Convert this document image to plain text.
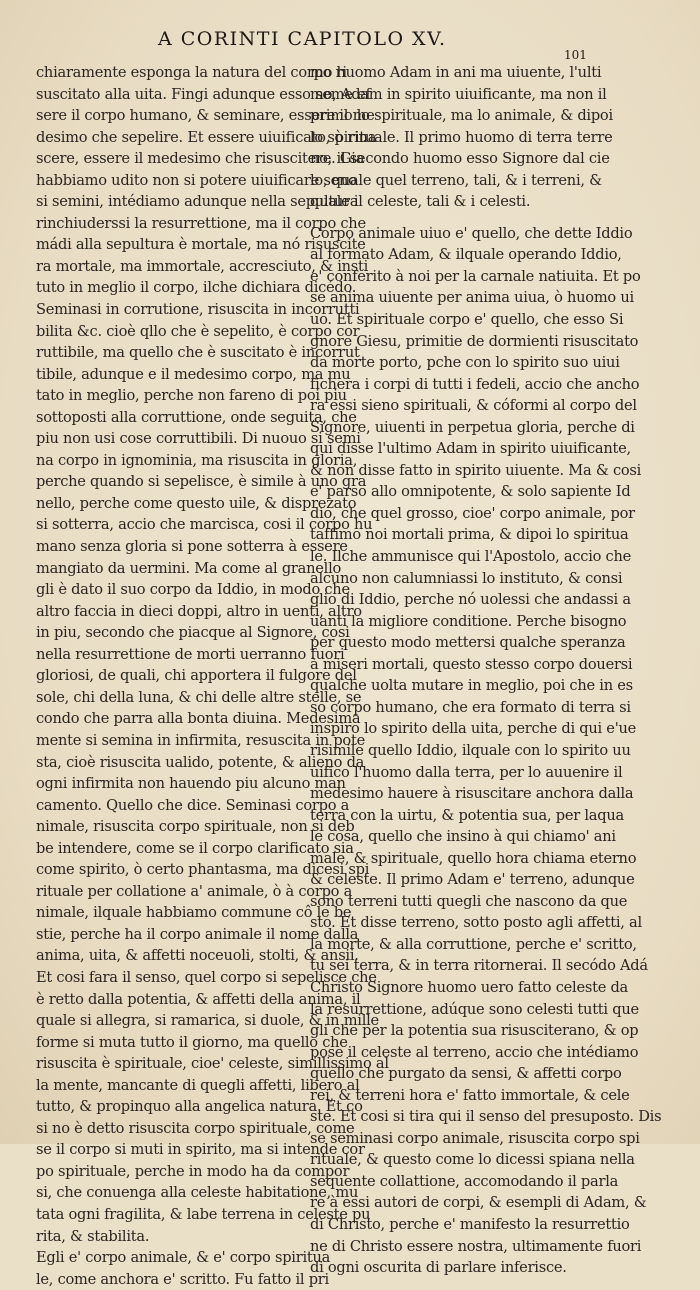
A CORINTI CAPITOLO XV.
101
chiaramente esponga la natura del corpo ri
suscitato alla uita. Fingi adunque esso seme ef
sere il corpo humano, & seminare, essere il me
desimo che sepelire. Et essere uiuificato, ò rina
scere, essere il medesimo che risuscitere. Gia
habbiamo udito non si potere uiuificare seno
si semini, intédiamo adunque nella sepultura
rinchiuderssi la resurrettione, ma il corpo che
mádi alla sepultura è mortale, ma nó risuscite
ra mortale, ma immortale, accresciuto, & insti
tuto in meglio il corpo, ilche dichiara dicédo.
Seminasi in corrutione, risuscita in incorrutti
bilita &c. cioè qllo che è sepelito, è corpo cor
ruttibile, ma quello che è suscitato è incorrut
tibile, adunque e il medesimo corpo, ma mu
tato in meglio, perche non fareno di poi piu
sottoposti alla corruttione, onde seguita, che
piu non usi cose corruttibili. Di nuouo si semi
na corpo in ignominia, ma risuscita in gloria,
perche quando si sepelisce, è simile à uno gra
nello, perche come questo uile, & disprezato
si sotterra, accio che marcisca, cosi il corpo hu
mano senza gloria si pone sotterra à essere
mangiato da uermini. Ma come al granello
gli è dato il suo corpo da Iddio, in modo che
altro faccia in dieci doppi, altro in uenti, altro
in piu, secondo che piacque al Signore, cosi
nella resurrettione de morti uerranno fuori
gloriosi, de quali, chi apportera il fulgore del
sole, chi della luna, & chi delle altre stelle, se
condo che parra alla bonta diuina. Medesima
mente si semina in infirmita, resuscita in pote
sta, cioè risuscita ualido, potente, & alieno da
ogni infirmita non hauendo piu alcuno man
camento. Quello che dice. Seminasi corpo a
nimale, risuscita corpo spirituale, non si deb
be intendere, come se il corpo clarificato sia
come spirito, ò certo phantasma, ma dicesi spi
rituale per collatione a' animale, ò à corpo a
nimale, ilquale habbiamo commune cô le be
stie, perche ha il corpo animale il nome dalla
anima, uita, & affetti noceuoli, stolti, & ansii.
Et cosi fara il senso, quel corpo si sepelisce che
è retto dalla potentia, & affetti della anima, il
quale si allegra, si ramarica, si duole, & in mille
forme si muta tutto il giorno, ma quello che
risuscita è spirituale, cioe' celeste, simillissimo al
la mente, mancante di quegli affetti, libero al
tutto, & propinquo alla angelica natura. Et co
si no è detto risuscita corpo spirituale, come
se il corpo si muti in spirito, ma si intende cor
po spirituale, perche in modo ha da compor
si, che conuenga alla celeste habitatione, mu
tata ogni fragilita, & labe terrena in celeste pu
rita, & stabilita.
Egli e' corpo animale, & e' corpo spiritua
le, come anchora e' scritto. Fu fatto il pri
mo huomo Adam in ani ma uiuente, l'ulti
mo, Adam in spirito uiuificante, ma non il
primo lo spirituale, ma lo animale, & dipoi
lo spirituale. Il primo huomo di terra terre
no, il secondo huomo esso Signore dal cie
lo, quale quel terreno, tali, & i terreni, &
quale il celeste, tali & i celesti.
Corpo animale uiuo e' quello, che dette Iddio
al formato Adam, & ilquale operando Iddio,
e' conferito à noi per la carnale natiuita. Et po
se anima uiuente per anima uiua, ò huomo ui
uo. Et spirituale corpo e' quello, che esso Si
gnore Giesu, primitie de dormienti risuscitato
da morte porto, pche con lo spirito suo uiui
fichera i corpi di tutti i fedeli, accio che ancho
ra essi sieno spirituali, & cóformi al corpo del
Signore, uiuenti in perpetua gloria, perche di
qui disse l'ultimo Adam in spirito uiuificante,
& non disse fatto in spirito uiuente. Ma & cosi
e' parso allo omnipotente, & solo sapiente Id
dio, che quel grosso, cioe' corpo animale, por
taffimo noi mortali prima, & dipoi lo spiritua
le. Ilche ammunisce qui l'Apostolo, accio che
alcuno non calumniassi lo instituto, & consi
glio di Iddio, perche nó uolessi che andassi a
uanti la migliore conditione. Perche bisogno
per questo modo mettersi qualche speranza
à miseri mortali, questo stesso corpo douersi
qualche uolta mutare in meglio, poi che in es
so corpo humano, che era formato di terra si
inspiro lo spirito della uita, perche di qui e'ue
risimile quello Iddio, ilquale con lo spirito uu
uifico l'huomo dalla terra, per lo auuenire il
medesimo hauere à risuscitare anchora dalla
terra con la uirtu, & potentia sua, per laqua
le cosa, quello che insino à qui chiamo' ani
male, & spirituale, quello hora chiama eterno
& celeste. Il primo Adam e' terreno, adunque
sono terreni tutti quegli che nascono da que
sto. Et disse terreno, sotto posto agli affetti, al
la morte, & alla corruttione, perche e' scritto,
tu sei terra, & in terra ritornerai. Il secódo Adá
Christo Signore huomo uero fatto celeste da
la resurrettione, adúque sono celesti tutti que
gli che per la potentia sua risusciterano, & op
pose il celeste al terreno, accio che intédiamo
quello che purgato da sensi, & affetti corpo
rei, & terreni hora e' fatto immortale, & cele
ste. Et cosi si tira qui il senso del presuposto. Dis
se seminasi corpo animale, risuscita corpo spi
rituale, & questo come lo dicessi spiana nella
sequente collattione, accomodando il parla
re à essi autori de corpi, & esempli di Adam, &
di Christo, perche e' manifesto la resurrettio
ne di Christo essere nostra, ultimamente fuori
di ogni oscurita di parlare inferisce.
